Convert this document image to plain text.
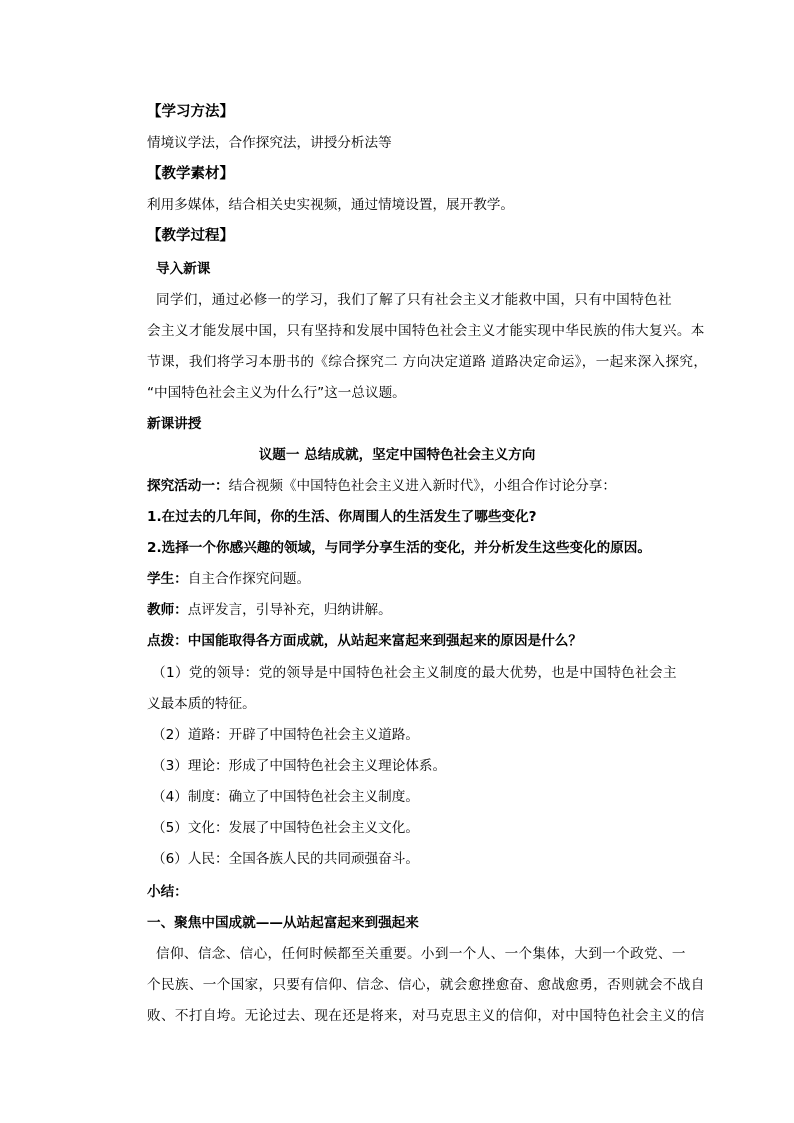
【学习方法】
情境议学法，合作探究法，讲授分析法等
【教学素材】
利用多媒体，结合相关史实视频，通过情境设置，展开教学。
【教学过程】
导入新课
同学们，通过必修一的学习，我们了解了只有社会主义才能救中国，只有中国特色社
会主义才能发展中国，只有坚持和发展中国特色社会主义才能实现中华民族的伟大复兴。本
节课，我们将学习本册书的《综合探究二 方向决定道路 道路决定命运》，一起来深入探究，
“中国特色社会主义为什么行”这一总议题。
新课讲授
议题一 总结成就，坚定中国特色社会主义方向
探究活动一：结合视频《中国特色社会主义进入新时代》，小组合作讨论分享：
1.在过去的几年间，你的生活、你周围人的生活发生了哪些变化?
2.选择一个你感兴趣的领域，与同学分享生活的变化，并分析发生这些变化的原因。
学生：自主合作探究问题。
教师：点评发言，引导补充，归纳讲解。
点拨：中国能取得各方面成就，从站起来富起来到强起来的原因是什么？
（1）党的领导：党的领导是中国特色社会主义制度的最大优势，也是中国特色社会主
义最本质的特征。
（2）道路：开辟了中国特色社会主义道路。
（3）理论：形成了中国特色社会主义理论体系。
（4）制度：确立了中国特色社会主义制度。
（5）文化：发展了中国特色社会主义文化。
（6）人民：全国各族人民的共同顽强奋斗。
小结：
一、聚焦中国成就——从站起富起来到强起来
信仰、信念、信心，任何时候都至关重要。小到一个人、一个集体，大到一个政党、一
个民族、一个国家，只要有信仰、信念、信心，就会愈挫愈奋、愈战愈勇，否则就会不战自
败、不打自垮。无论过去、现在还是将来，对马克思主义的信仰，对中国特色社会主义的信
